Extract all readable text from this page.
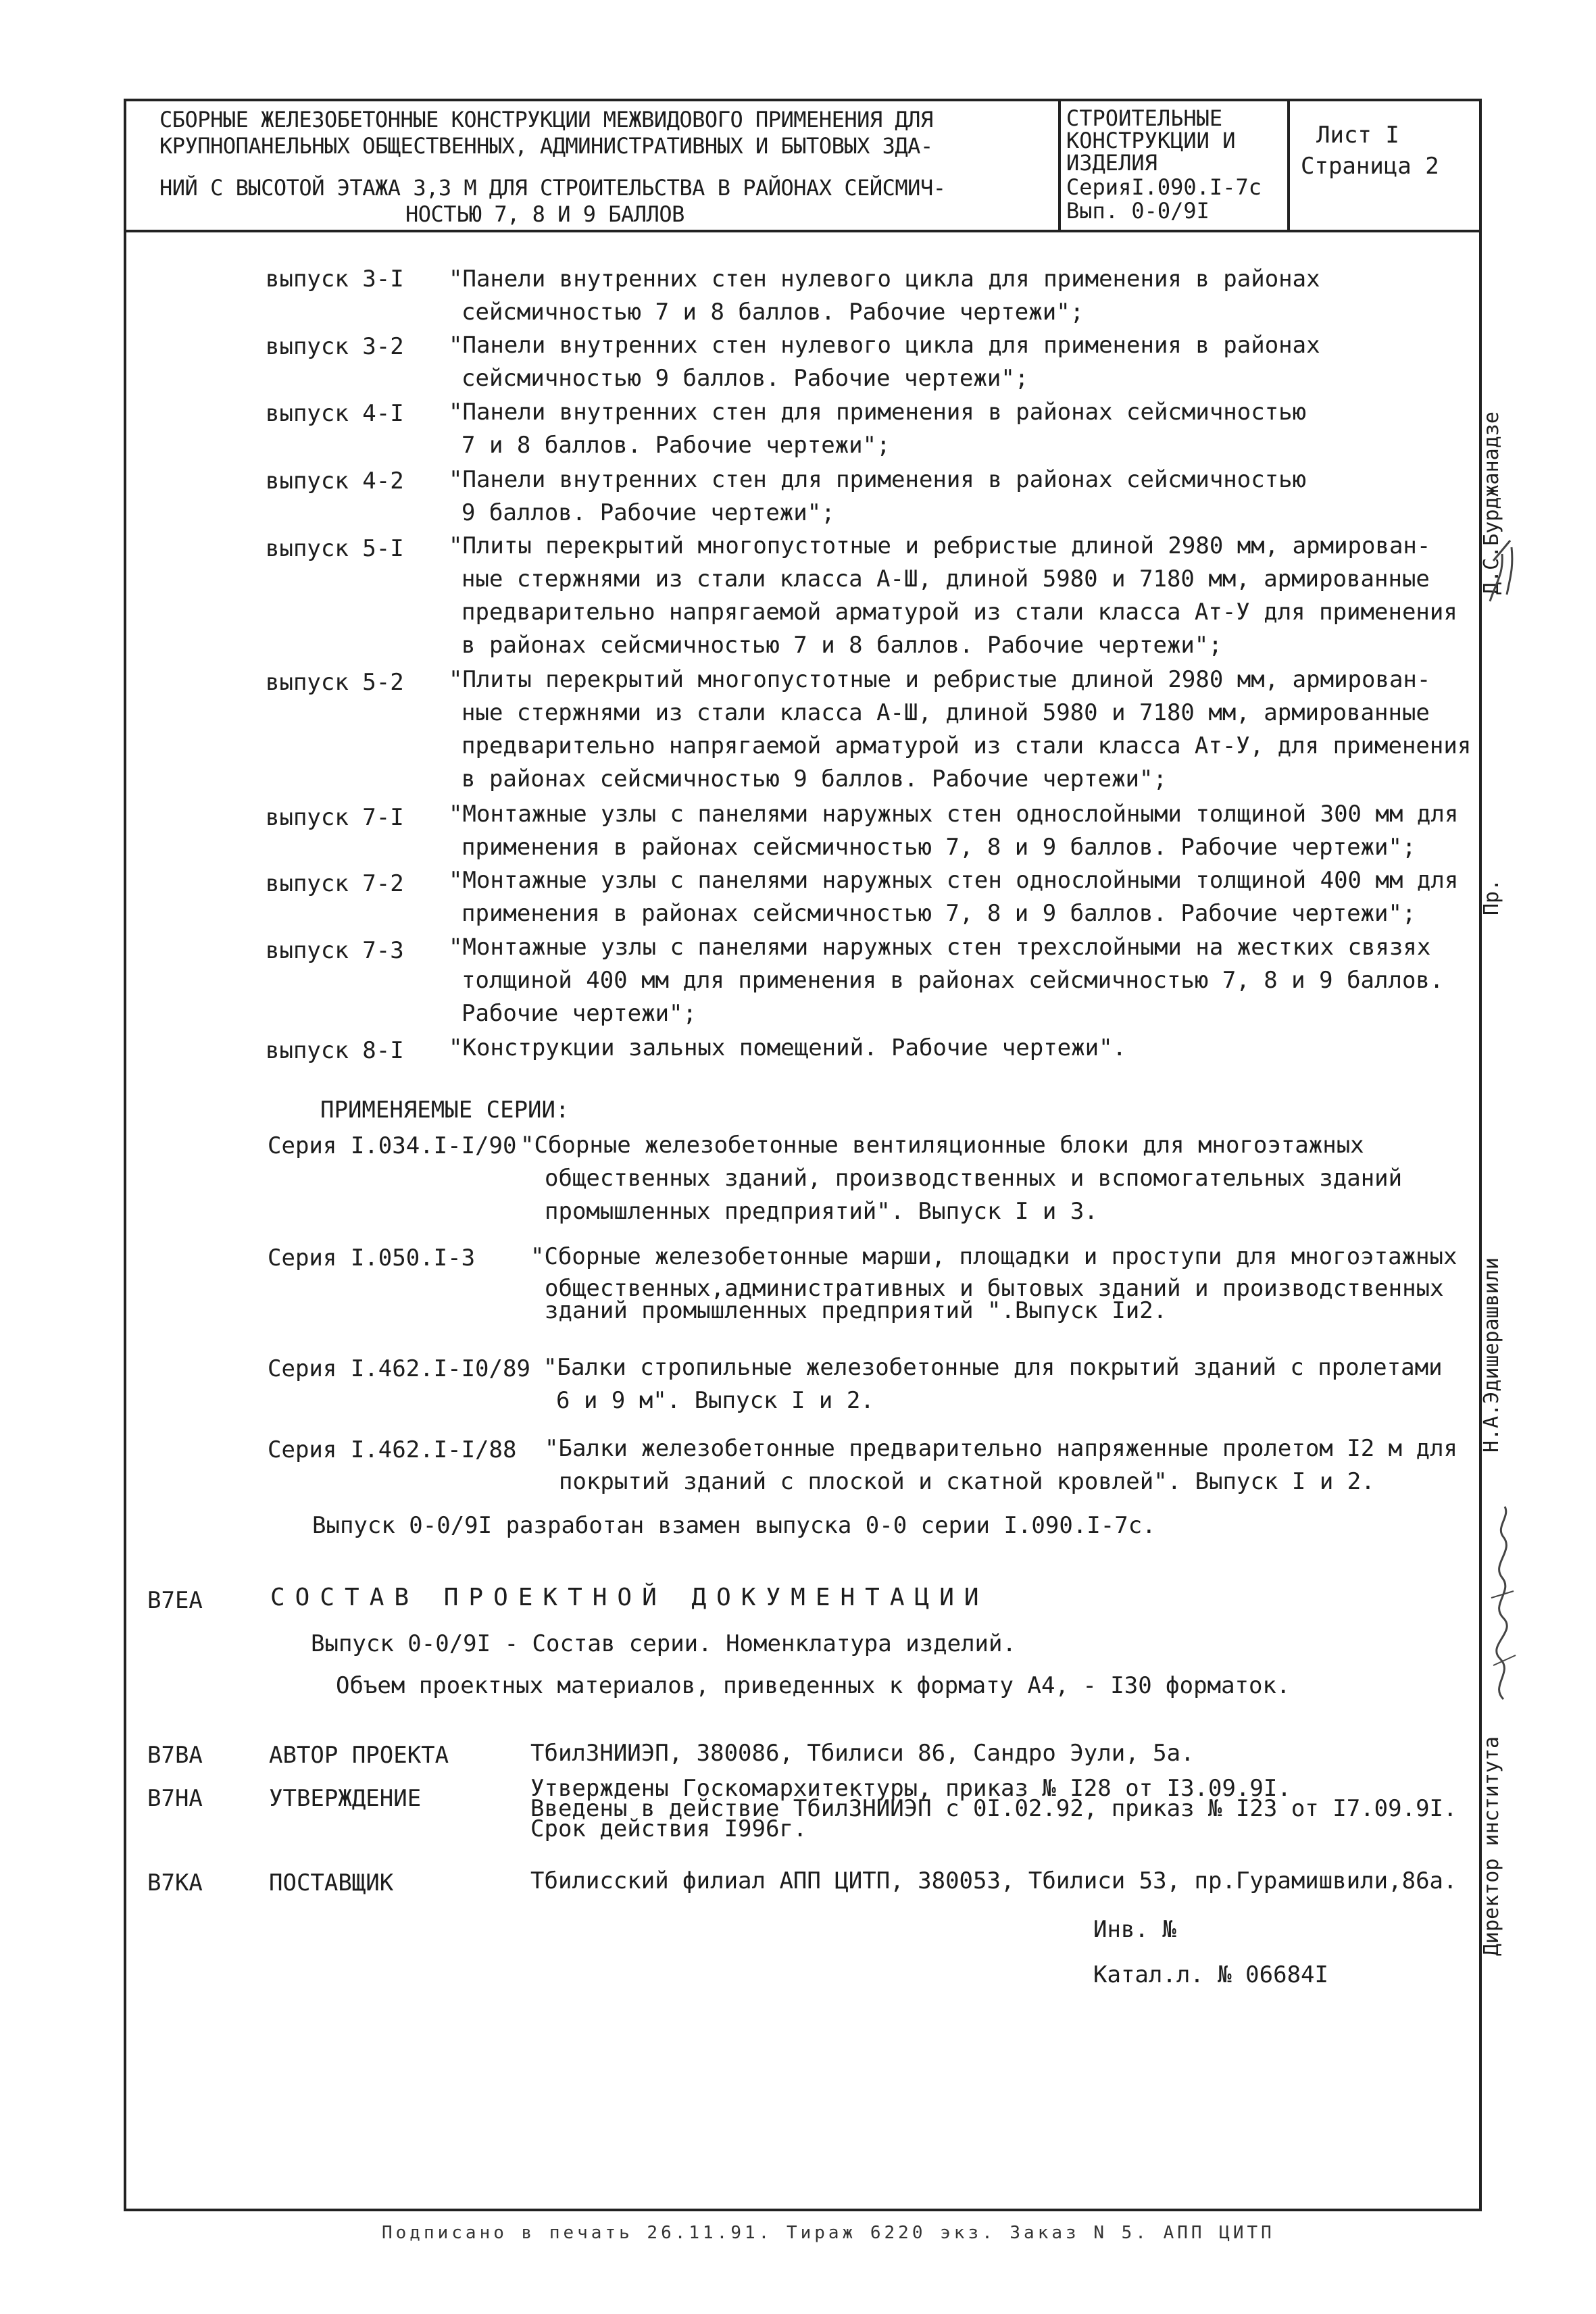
СБОРНЫЕ ЖЕЛЕЗОБЕТОННЫЕ КОНСТРУКЦИИ МЕЖВИДОВОГО ПРИМЕНЕНИЯ ДЛЯ
КРУПНОПАНЕЛЬНЫХ ОБЩЕСТВЕННЫХ, АДМИНИСТРАТИВНЫХ И БЫТОВЫХ ЗДА-
НИЙ С ВЫСОТОЙ ЭТАЖА 3,3 М ДЛЯ СТРОИТЕЛЬСТВА В РАЙОНАХ СЕЙСМИЧ-
НОСТЬЮ 7, 8 И 9 БАЛЛОВ
СТРОИТЕЛЬНЫЕ
КОНСТРУКЦИИ И
ИЗДЕЛИЯ
СерияI.090.I-7с
Вып. 0-0/9I
Лист I
Страница 2
выпуск 3-I "Панели внутренних стен нулевого цикла для применения в районах
сейсмичностью 7 и 8 баллов. Рабочие чертежи";
выпуск 3-2 "Панели внутренних стен нулевого цикла для применения в районах
сейсмичностью 9 баллов. Рабочие чертежи";
выпуск 4-I "Панели внутренних стен для применения в районах сейсмичностью
7 и 8 баллов. Рабочие чертежи";
выпуск 4-2 "Панели внутренних стен для применения в районах сейсмичностью
9 баллов. Рабочие чертежи";
выпуск 5-I "Плиты перекрытий многопустотные и ребристые длиной 2980 мм, армирован-
ные стержнями из стали класса А-Ш, длиной 5980 и 7180 мм, армированные
предварительно напрягаемой арматурой из стали класса Ат-У для применения
в районах сейсмичностью 7 и 8 баллов. Рабочие чертежи";
выпуск 5-2 "Плиты перекрытий многопустотные и ребристые длиной 2980 мм, армирован-
ные стержнями из стали класса А-Ш, длиной 5980 и 7180 мм, армированные
предварительно напрягаемой арматурой из стали класса Ат-У, для применения
в районах сейсмичностью 9 баллов. Рабочие чертежи";
выпуск 7-I "Монтажные узлы с панелями наружных стен однослойными толщиной 300 мм для
применения в районах сейсмичностью 7, 8 и 9 баллов. Рабочие чертежи";
выпуск 7-2 "Монтажные узлы с панелями наружных стен однослойными толщиной 400 мм для
применения в районах сейсмичностью 7, 8 и 9 баллов. Рабочие чертежи";
выпуск 7-3 "Монтажные узлы с панелями наружных стен трехслойными на жестких связях
толщиной 400 мм для применения в районах сейсмичностью 7, 8 и 9 баллов.
Рабочие чертежи";
выпуск 8-I "Конструкции зальных помещений. Рабочие чертежи".
ПРИМЕНЯЕМЫЕ СЕРИИ:
Серия I.034.I-I/90 "Сборные железобетонные вентиляционные блоки для многоэтажных
общественных зданий, производственных и вспомогательных зданий
промышленных предприятий". Выпуск I и 3.
Серия I.050.I-3 "Сборные железобетонные марши, площадки и проступи для многоэтажных
общественных,административных и бытовых зданий и производственных
зданий промышленных предприятий ".Выпуск Iи2.
Серия I.462.I-I0/89 "Балки стропильные железобетонные для покрытий зданий с пролетами
6 и 9 м". Выпуск I и 2.
Серия I.462.I-I/88 "Балки железобетонные предварительно напряженные пролетом I2 м для
покрытий зданий с плоской и скатной кровлей". Выпуск I и 2.
Выпуск 0-0/9I разработан взамен выпуска 0-0 серии I.090.I-7с.
В7ЕА	СОСТАВ ПРОЕКТНОЙ ДОКУМЕНТАЦИИ
Выпуск 0-0/9I - Состав серии. Номенклатура изделий.
Объем проектных материалов, приведенных к формату А4, - I30 форматок.
В7ВА	АВТОР ПРОЕКТА	ТбилЗНИИЭП, 380086, Тбилиси 86, Сандро Эули, 5а.
В7НА	УТВЕРЖДЕНИЕ	Утверждены Госкомархитектуры, приказ № I28 от I3.09.9I.
Введены в действие ТбилЗНИИЭП с 0I.02.92, приказ № I23 от I7.09.9I.
Срок действия I996г.
В7КА	ПОСТАВЩИК	Тбилисский филиал АПП ЦИТП, 380053, Тбилиси 53, пр.Гурамишвили,86а.
Инв. №
Катал.л. № 06684I
Д.С.Бурджанадзе
Директор института
Н.А.Эдишерашвили
Пр.
Подписано в печать 26.11.91. Тираж 6220 экз. Заказ N 5. АПП ЦИТП
